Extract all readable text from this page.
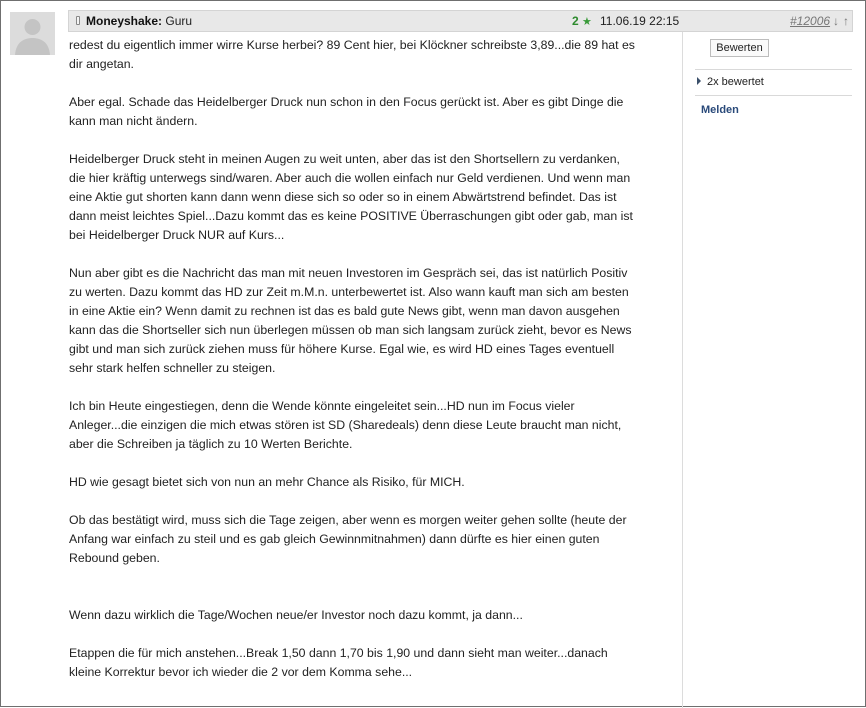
Moneyshake: Guru	2 ★ 11.06.19 22:15	#12006 ↓ ↑

redest du eigentlich immer wirre Kurse herbei? 89 Cent hier, bei Klöckner schreibste 3,89...die 89 hat es dir angetan.

Aber egal. Schade das Heidelberger Druck nun schon in den Focus gerückt ist. Aber es gibt Dinge die kann man nicht ändern.

Heidelberger Druck steht in meinen Augen zu weit unten, aber das ist den Shortsellern zu verdanken, die hier kräftig unterwegs sind/waren. Aber auch die wollen einfach nur Geld verdienen. Und wenn man eine Aktie gut shorten kann dann wenn diese sich so oder so in einem Abwärtstrend befindet. Das ist dann meist leichtes Spiel...Dazu kommt das es keine POSITIVE Überraschungen gibt oder gab, man ist bei Heidelberger Druck NUR auf Kurs...

Nun aber gibt es die Nachricht das man mit neuen Investoren im Gespräch sei, das ist natürlich Positiv zu werten. Dazu kommt das HD zur Zeit m.M.n. unterbewertet ist. Also wann kauft man sich am besten in eine Aktie ein? Wenn damit zu rechnen ist das es bald gute News gibt, wenn man davon ausgehen kann das die Shortseller sich nun überlegen müssen ob man sich langsam zurück zieht, bevor es News gibt und man sich zurück ziehen muss für höhere Kurse. Egal wie, es wird HD eines Tages eventuell sehr stark helfen schneller zu steigen.

Ich bin Heute eingestiegen, denn die Wende könnte eingeleitet sein...HD nun im Focus vieler Anleger...die einzigen die mich etwas stören ist SD (Sharedeals) denn diese Leute braucht man nicht, aber die Schreiben ja täglich zu 10 Werten Berichte.

HD wie gesagt bietet sich von nun an mehr Chance als Risiko, für MICH.

Ob das bestätigt wird, muss sich die Tage zeigen, aber wenn es morgen weiter gehen sollte (heute der Anfang war einfach zu steil und es gab gleich Gewinnmitnahmen) dann dürfte es hier einen guten Rebound geben.

Wenn dazu wirklich die Tage/Wochen neue/er Investor noch dazu kommt, ja dann...

Etappen die für mich anstehen...Break 1,50 dann 1,70 bis 1,90 und dann sieht man weiter...danach kleine Korrektur bevor ich wieder die 2 vor dem Komma sehe...

Bewerten
2x bewertet
Melden
